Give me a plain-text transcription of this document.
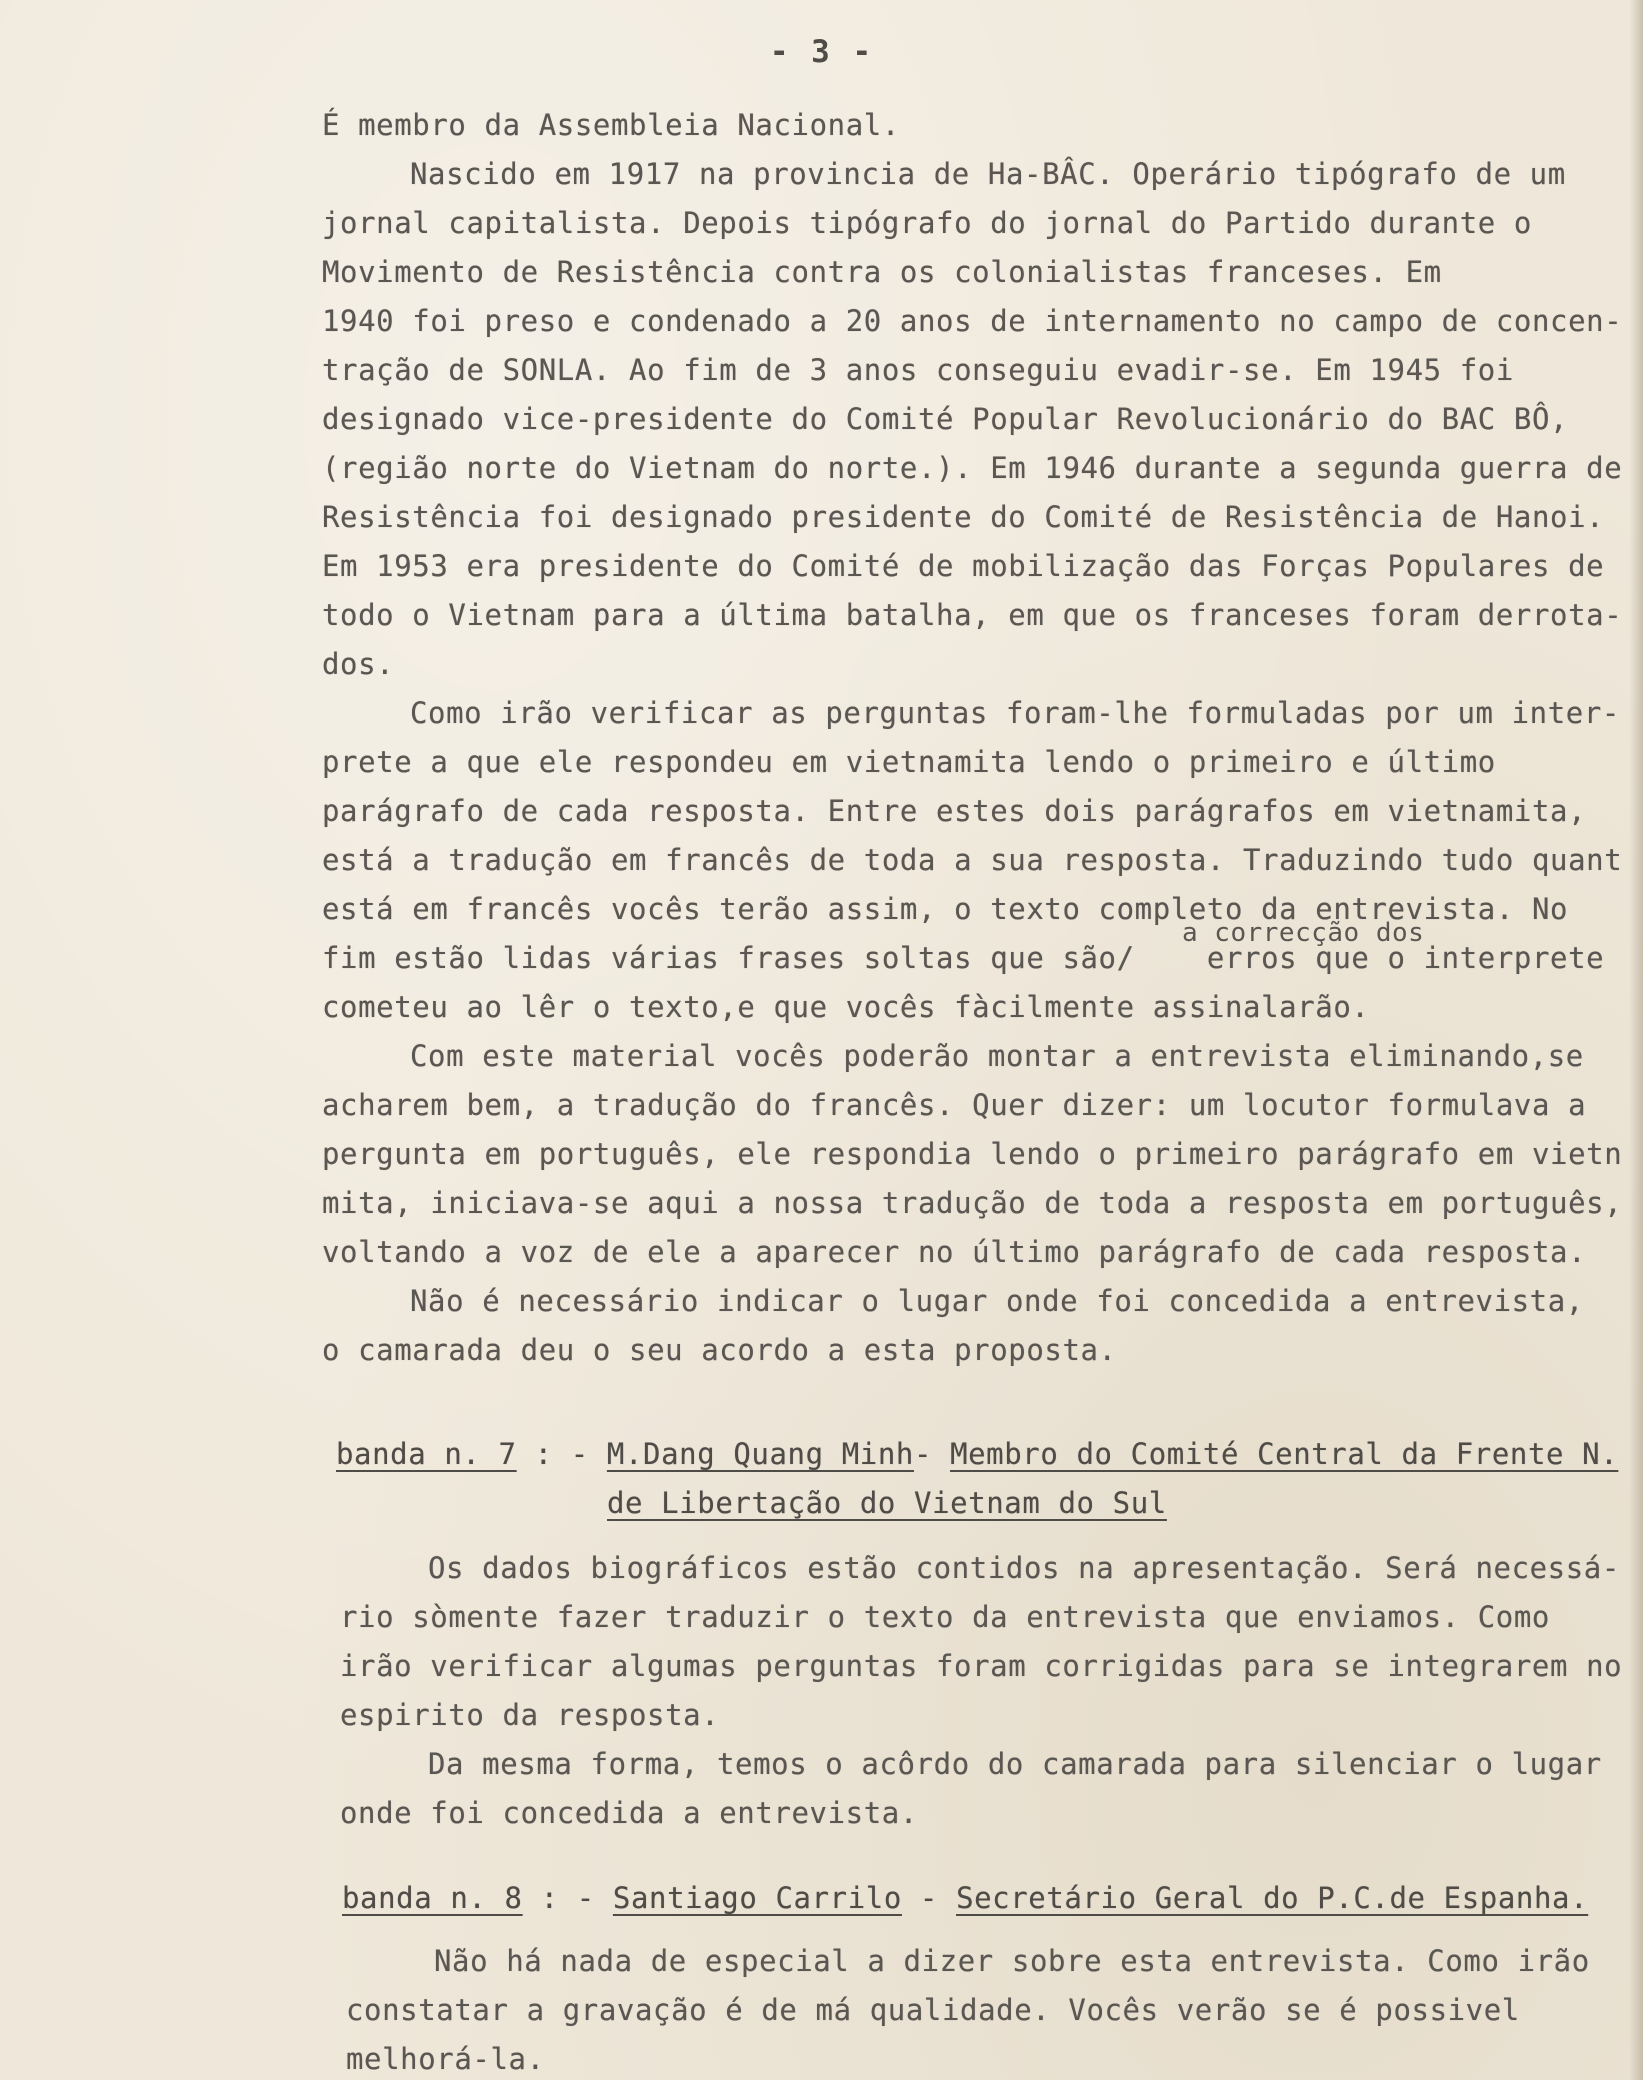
- 3 -
É membro da Assembleia Nacional.
Nascido em 1917 na provincia de Ha-BÂC. Operário tipógrafo de um
jornal capitalista. Depois tipógrafo do jornal do Partido durante o
Movimento de Resistência contra os colonialistas franceses. Em
1940 foi preso e condenado a 20 anos de internamento no campo de concen-
tração de SONLA. Ao fim de 3 anos conseguiu evadir-se. Em 1945 foi
designado vice-presidente do Comité Popular Revolucionário do BAC BÔ,
(região norte do Vietnam do norte.). Em 1946 durante a segunda guerra de
Resistência foi designado presidente do Comité de Resistência de Hanoi.
Em 1953 era presidente do Comité de mobilização das Forças Populares de
todo o Vietnam para a última batalha, em que os franceses foram derrota-
dos.
Como irão verificar as perguntas foram-lhe formuladas por um inter-
prete a que ele respondeu em vietnamita lendo o primeiro e último
parágrafo de cada resposta. Entre estes dois parágrafos em vietnamita,
está a tradução em francês de toda a sua resposta. Traduzindo tudo quant
está em francês vocês terão assim, o texto completo da entrevista. No
fim estão lidas várias frases soltas que são/    erros que o interprete
cometeu ao lêr o texto,e que vocês fàcilmente assinalarão.
Com este material vocês poderão montar a entrevista eliminando,se
acharem bem, a tradução do francês. Quer dizer: um locutor formulava a
pergunta em português, ele respondia lendo o primeiro parágrafo em vietn
mita, iniciava-se aqui a nossa tradução de toda a resposta em português,
voltando a voz de ele a aparecer no último parágrafo de cada resposta.
Não é necessário indicar o lugar onde foi concedida a entrevista,
o camarada deu o seu acordo a esta proposta.
a correcção dos
banda n. 7 : - M.Dang Quang Minh- Membro do Comité Central da Frente N.
de Libertação do Vietnam do Sul
Os dados biográficos estão contidos na apresentação. Será necessá-
rio sòmente fazer traduzir o texto da entrevista que enviamos. Como
irão verificar algumas perguntas foram corrigidas para se integrarem no
espirito da resposta.
Da mesma forma, temos o acôrdo do camarada para silenciar o lugar
onde foi concedida a entrevista.
banda n. 8 : - Santiago Carrilo - Secretário Geral do P.C.de Espanha.
Não há nada de especial a dizer sobre esta entrevista. Como irão
constatar a gravação é de má qualidade. Vocês verão se é possivel
melhorá-la.
